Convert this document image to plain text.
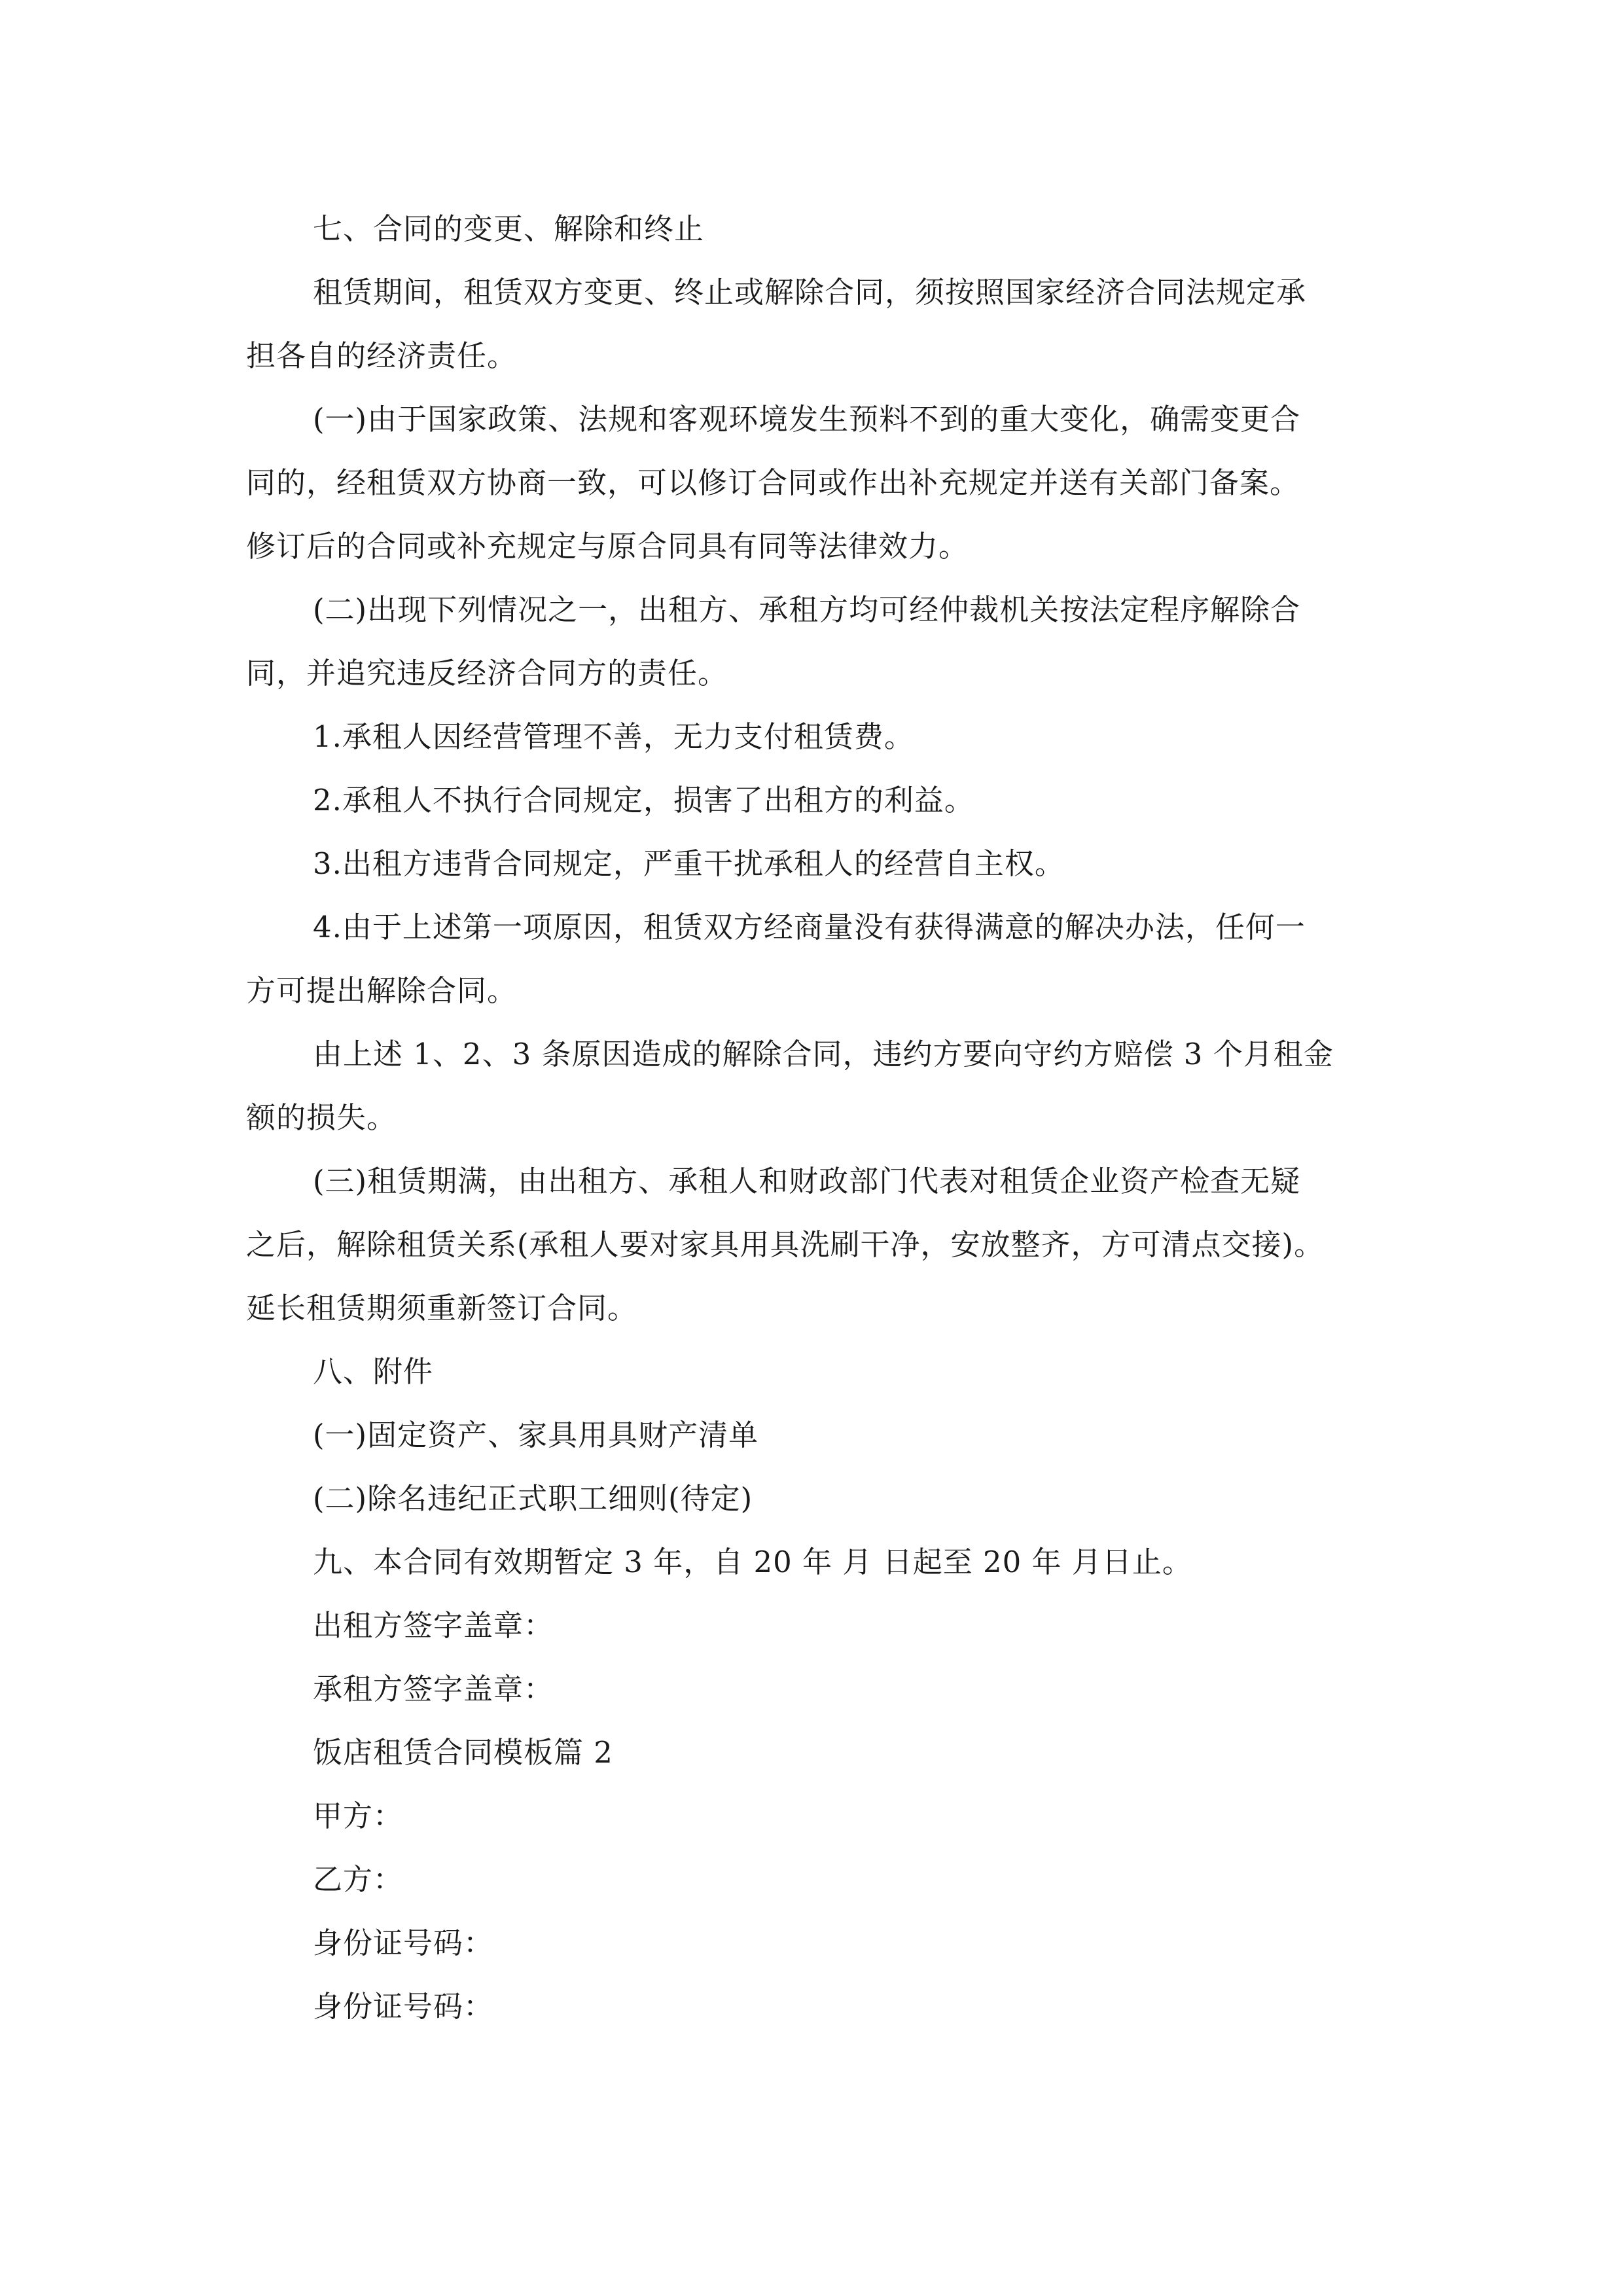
七、合同的变更、解除和终止
租赁期间，租赁双方变更、终止或解除合同，须按照国家经济合同法规定承
担各自的经济责任。
(一)由于国家政策、法规和客观环境发生预料不到的重大变化，确需变更合
同的，经租赁双方协商一致，可以修订合同或作出补充规定并送有关部门备案。
修订后的合同或补充规定与原合同具有同等法律效力。
(二)出现下列情况之一，出租方、承租方均可经仲裁机关按法定程序解除合
同，并追究违反经济合同方的责任。
1.承租人因经营管理不善，无力支付租赁费。
2.承租人不执行合同规定，损害了出租方的利益。
3.出租方违背合同规定，严重干扰承租人的经营自主权。
4.由于上述第一项原因，租赁双方经商量没有获得满意的解决办法，任何一
方可提出解除合同。
由上述 1、2、3 条原因造成的解除合同，违约方要向守约方赔偿 3 个月租金
额的损失。
(三)租赁期满，由出租方、承租人和财政部门代表对租赁企业资产检查无疑
之后，解除租赁关系(承租人要对家具用具洗刷干净，安放整齐，方可清点交接)。
延长租赁期须重新签订合同。
八、附件
(一)固定资产、家具用具财产清单
(二)除名违纪正式职工细则(待定)
九、本合同有效期暂定 3 年，自 20 年 月 日起至 20 年 月日止。
出租方签字盖章：
承租方签字盖章：
饭店租赁合同模板篇 2
甲方：
乙方：
身份证号码：
身份证号码：
